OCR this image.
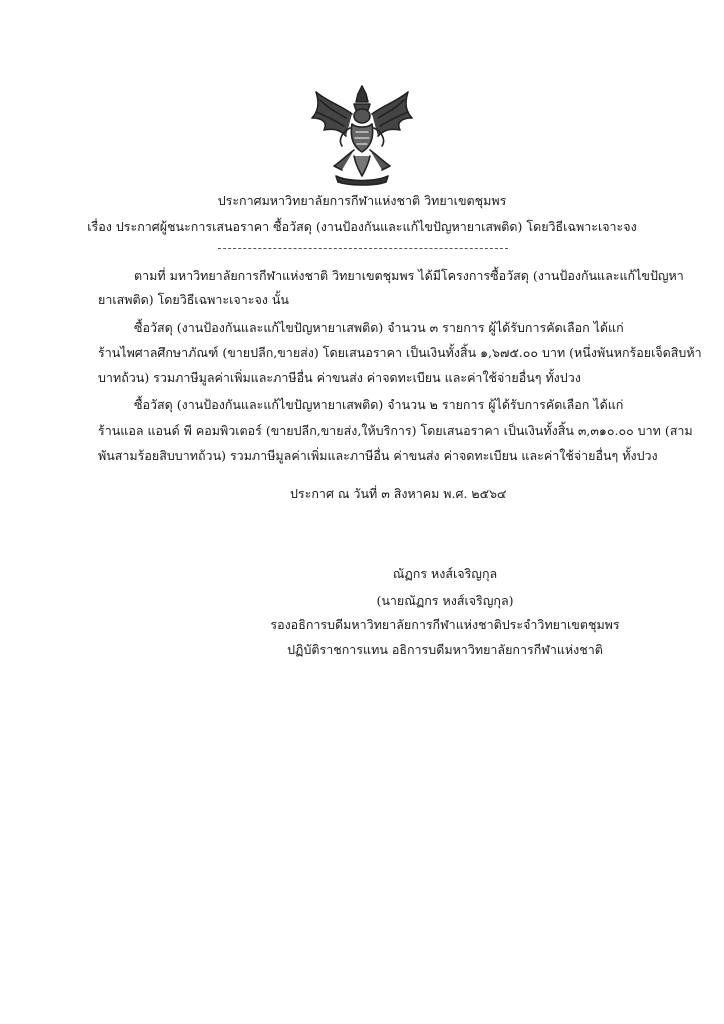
ประกาศมหาวิทยาลัยการกีฬาแห่งชาติ วิทยาเขตชุมพร
เรื่อง ประกาศผู้ชนะการเสนอราคา ซื้อวัสดุ (งานป้องกันและแก้ไขปัญหายาเสพติด) โดยวิธีเฉพาะเจาะจง
ตามที่ มหาวิทยาลัยการกีฬาแห่งชาติ วิทยาเขตชุมพร ได้มีโครงการซื้อวัสดุ (งานป้องกันและแก้ไขปัญหา
ยาเสพติด) โดยวิธีเฉพาะเจาะจง นั้น
ซื้อวัสดุ (งานป้องกันและแก้ไขปัญหายาเสพติด) จำนวน ๓ รายการ ผู้ได้รับการคัดเลือก ได้แก่
ร้านไพศาลศึกษาภัณฑ์ (ขายปลีก,ขายส่ง) โดยเสนอราคา เป็นเงินทั้งสิ้น ๑,๖๗๕.๐๐ บาท (หนึ่งพันหกร้อยเจ็ดสิบห้า
บาทถ้วน) รวมภาษีมูลค่าเพิ่มและภาษีอื่น ค่าขนส่ง ค่าจดทะเบียน และค่าใช้จ่ายอื่นๆ ทั้งปวง
ซื้อวัสดุ (งานป้องกันและแก้ไขปัญหายาเสพติด) จำนวน ๒ รายการ ผู้ได้รับการคัดเลือก ได้แก่
ร้านแอล แอนด์ พี คอมพิวเตอร์ (ขายปลีก,ขายส่ง,ให้บริการ) โดยเสนอราคา เป็นเงินทั้งสิ้น ๓,๓๑๐.๐๐ บาท (สาม
พันสามร้อยสิบบาทถ้วน) รวมภาษีมูลค่าเพิ่มและภาษีอื่น ค่าขนส่ง ค่าจดทะเบียน และค่าใช้จ่ายอื่นๆ ทั้งปวง
ประกาศ ณ วันที่ ๓ สิงหาคม พ.ศ. ๒๕๖๔
ณัฏกร หงส์เจริญกุล
(นายณัฏกร หงส์เจริญกุล)
รองอธิการบดีมหาวิทยาลัยการกีฬาแห่งชาติประจำวิทยาเขตชุมพร
ปฏิบัติราชการแทน อธิการบดีมหาวิทยาลัยการกีฬาแห่งชาติ
